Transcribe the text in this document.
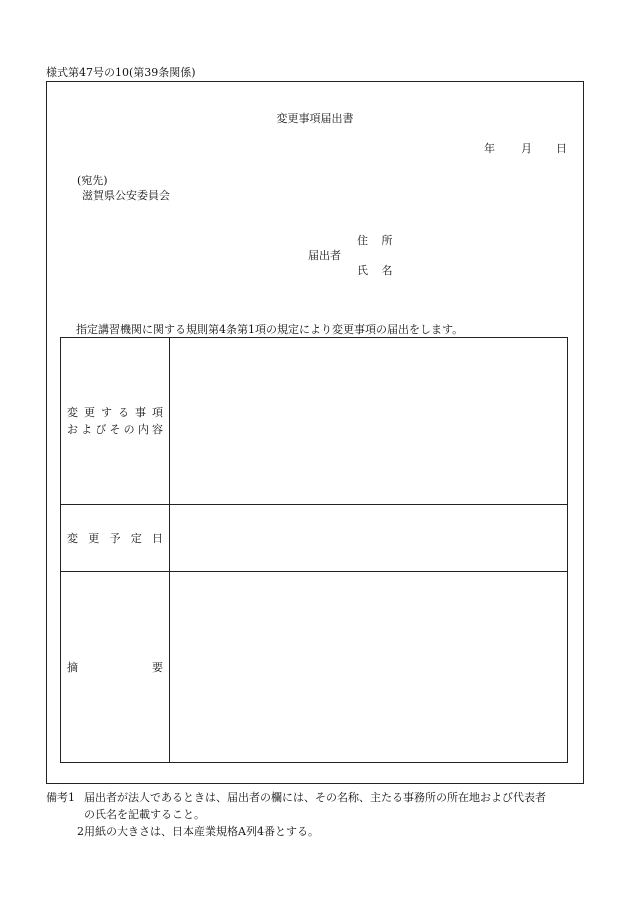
様式第47号の10(第39条関係)
変更事項届出書
年 月 日
(宛先)
滋賀県公安委員会
住 所
届出者
氏 名
指定講習機関に関する規則第4条第1項の規定により変更事項の届出をします。
変更する事項
およびその内容	

変更予定日	

摘要	

備考1 届出者が法人であるときは、届出者の欄には、その名称、主たる事務所の所在地および代表者
の氏名を記載すること。
2 用紙の大きさは、日本産業規格A列4番とする。
